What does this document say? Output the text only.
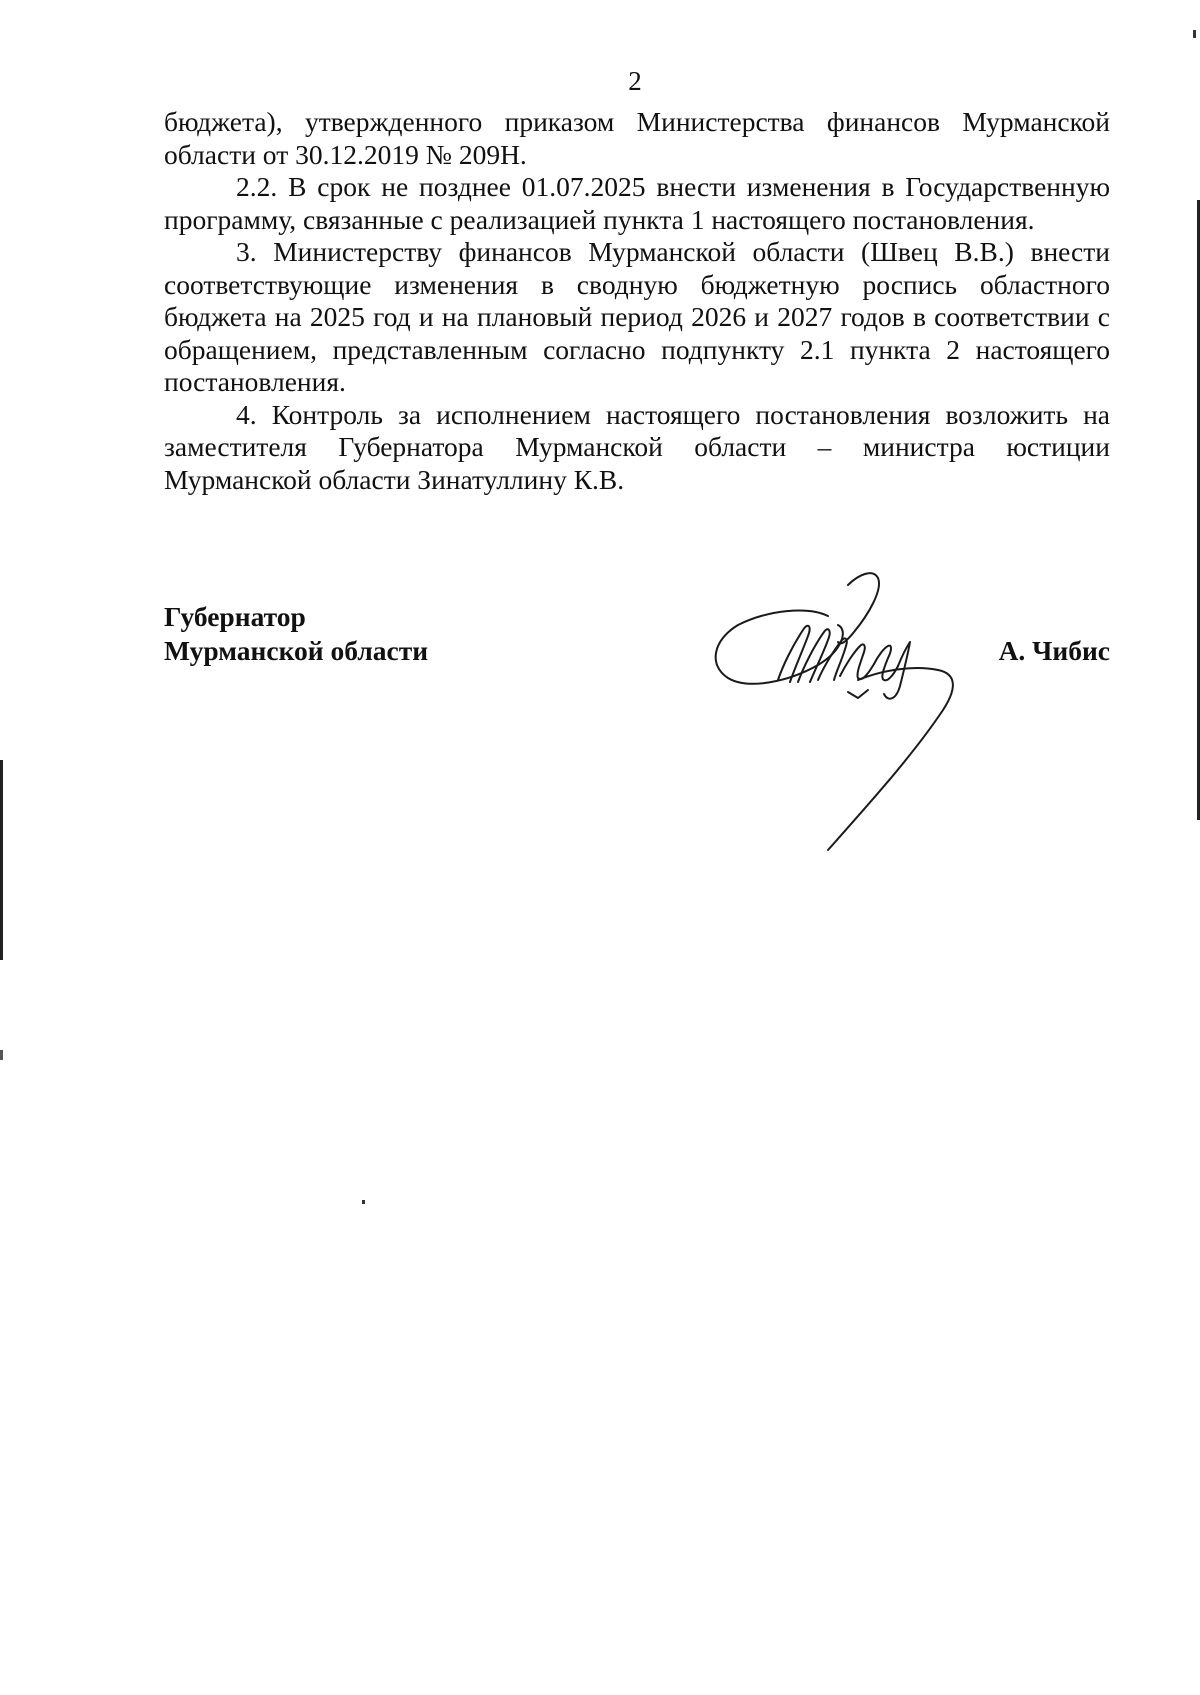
2

бюджета), утвержденного приказом Министерства финансов Мурманской области от 30.12.2019 № 209Н.

2.2. В срок не позднее 01.07.2025 внести изменения в Государственную программу, связанные с реализацией пункта 1 настоящего постановления.

3. Министерству финансов Мурманской области (Швец В.В.) внести соответствующие изменения в сводную бюджетную роспись областного бюджета на 2025 год и на плановый период 2026 и 2027 годов в соответствии с обращением, представленным согласно подпункту 2.1 пункта 2 настоящего постановления.

4. Контроль за исполнением настоящего постановления возложить на заместителя Губернатора Мурманской области – министра юстиции Мурманской области Зинатуллину К.В.

Губернатор
Мурманской области	А. Чибис
